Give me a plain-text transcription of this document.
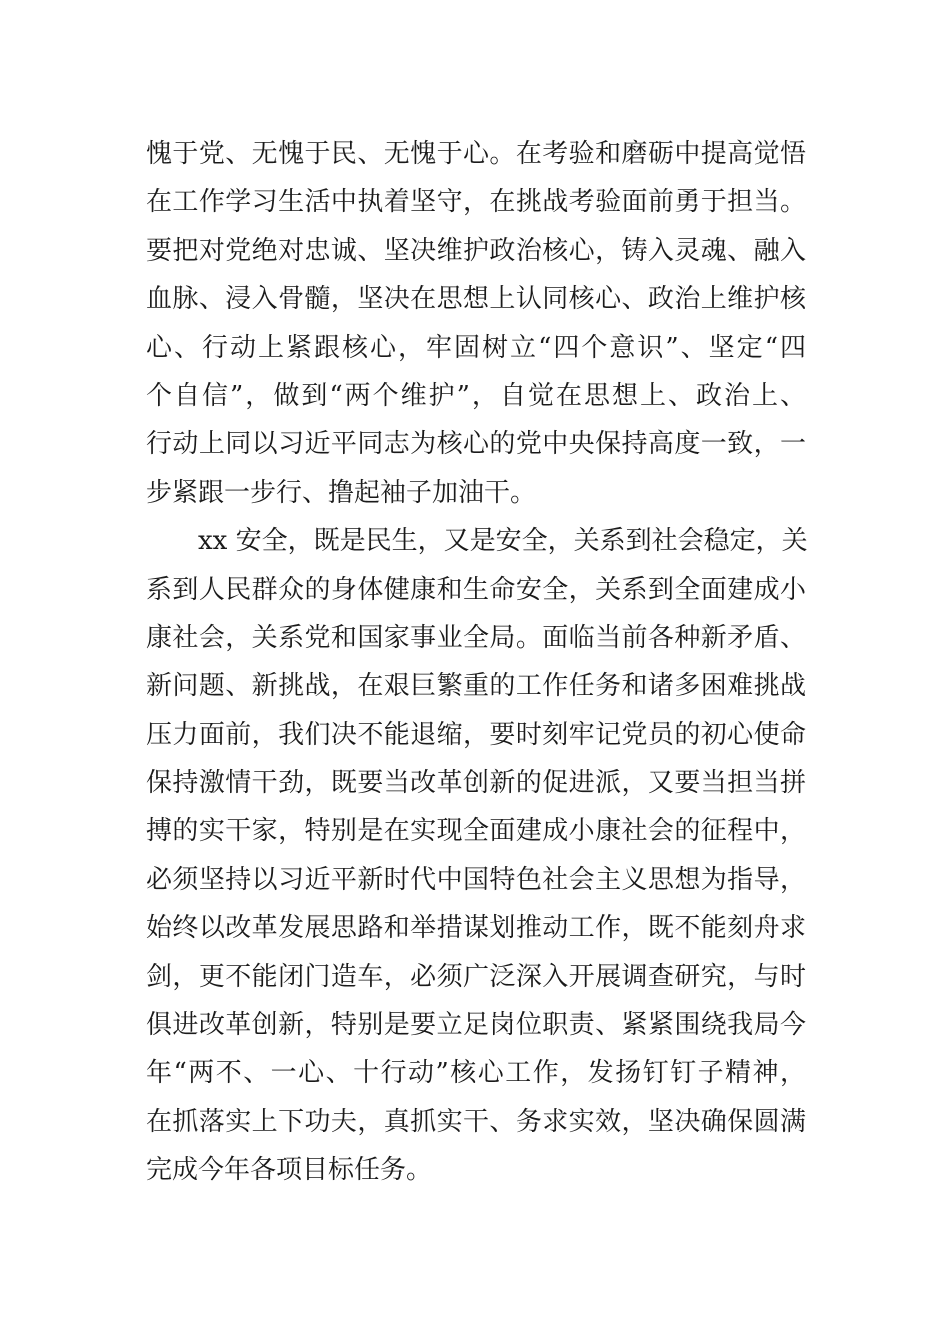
愧于党、无愧于民、无愧于心。在考验和磨砺中提高觉悟
在工作学习生活中执着坚守，在挑战考验面前勇于担当。
要把对党绝对忠诚、坚决维护政治核心，铸入灵魂、融入
血脉、浸入骨髓，坚决在思想上认同核心、政治上维护核
心、行动上紧跟核心，牢固树立“四个意识”、坚定“四
个自信”，做到“两个维护”，自觉在思想上、政治上、
行动上同以习近平同志为核心的党中央保持高度一致，一
步紧跟一步行、撸起袖子加油干。
xx 安全，既是民生，又是安全，关系到社会稳定，关
系到人民群众的身体健康和生命安全，关系到全面建成小
康社会，关系党和国家事业全局。面临当前各种新矛盾、
新问题、新挑战，在艰巨繁重的工作任务和诸多困难挑战
压力面前，我们决不能退缩，要时刻牢记党员的初心使命
保持激情干劲，既要当改革创新的促进派，又要当担当拼
搏的实干家，特别是在实现全面建成小康社会的征程中，
必须坚持以习近平新时代中国特色社会主义思想为指导，
始终以改革发展思路和举措谋划推动工作，既不能刻舟求
剑，更不能闭门造车，必须广泛深入开展调查研究，与时
俱进改革创新，特别是要立足岗位职责、紧紧围绕我局今
年“两不、一心、十行动”核心工作，发扬钉钉子精神，
在抓落实上下功夫，真抓实干、务求实效，坚决确保圆满
完成今年各项目标任务。
